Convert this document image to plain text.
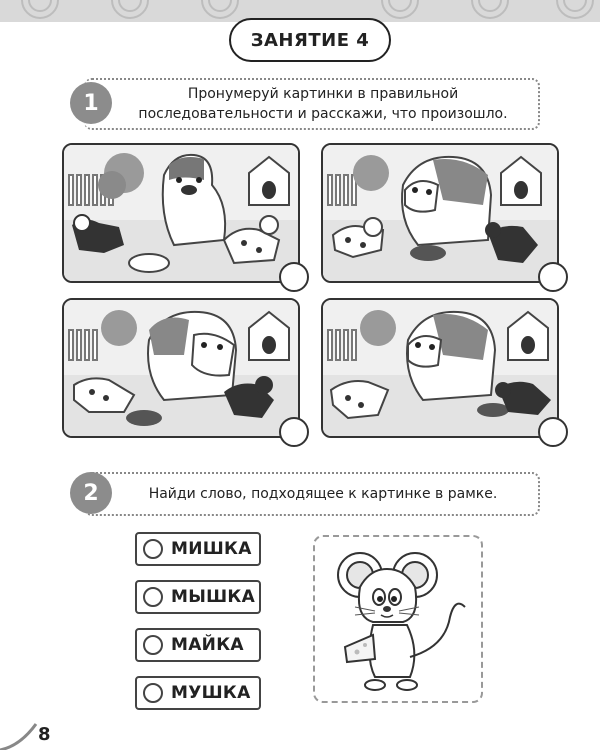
ЗАНЯТИЕ 4
1	Пронумеруй картинки в правильной
последовательности и расскажи, что произошло.
2	Найди слово, подходящее к картинке в рамке.
МИШКА
МЫШКА
МАЙКА
МУШКА
8
